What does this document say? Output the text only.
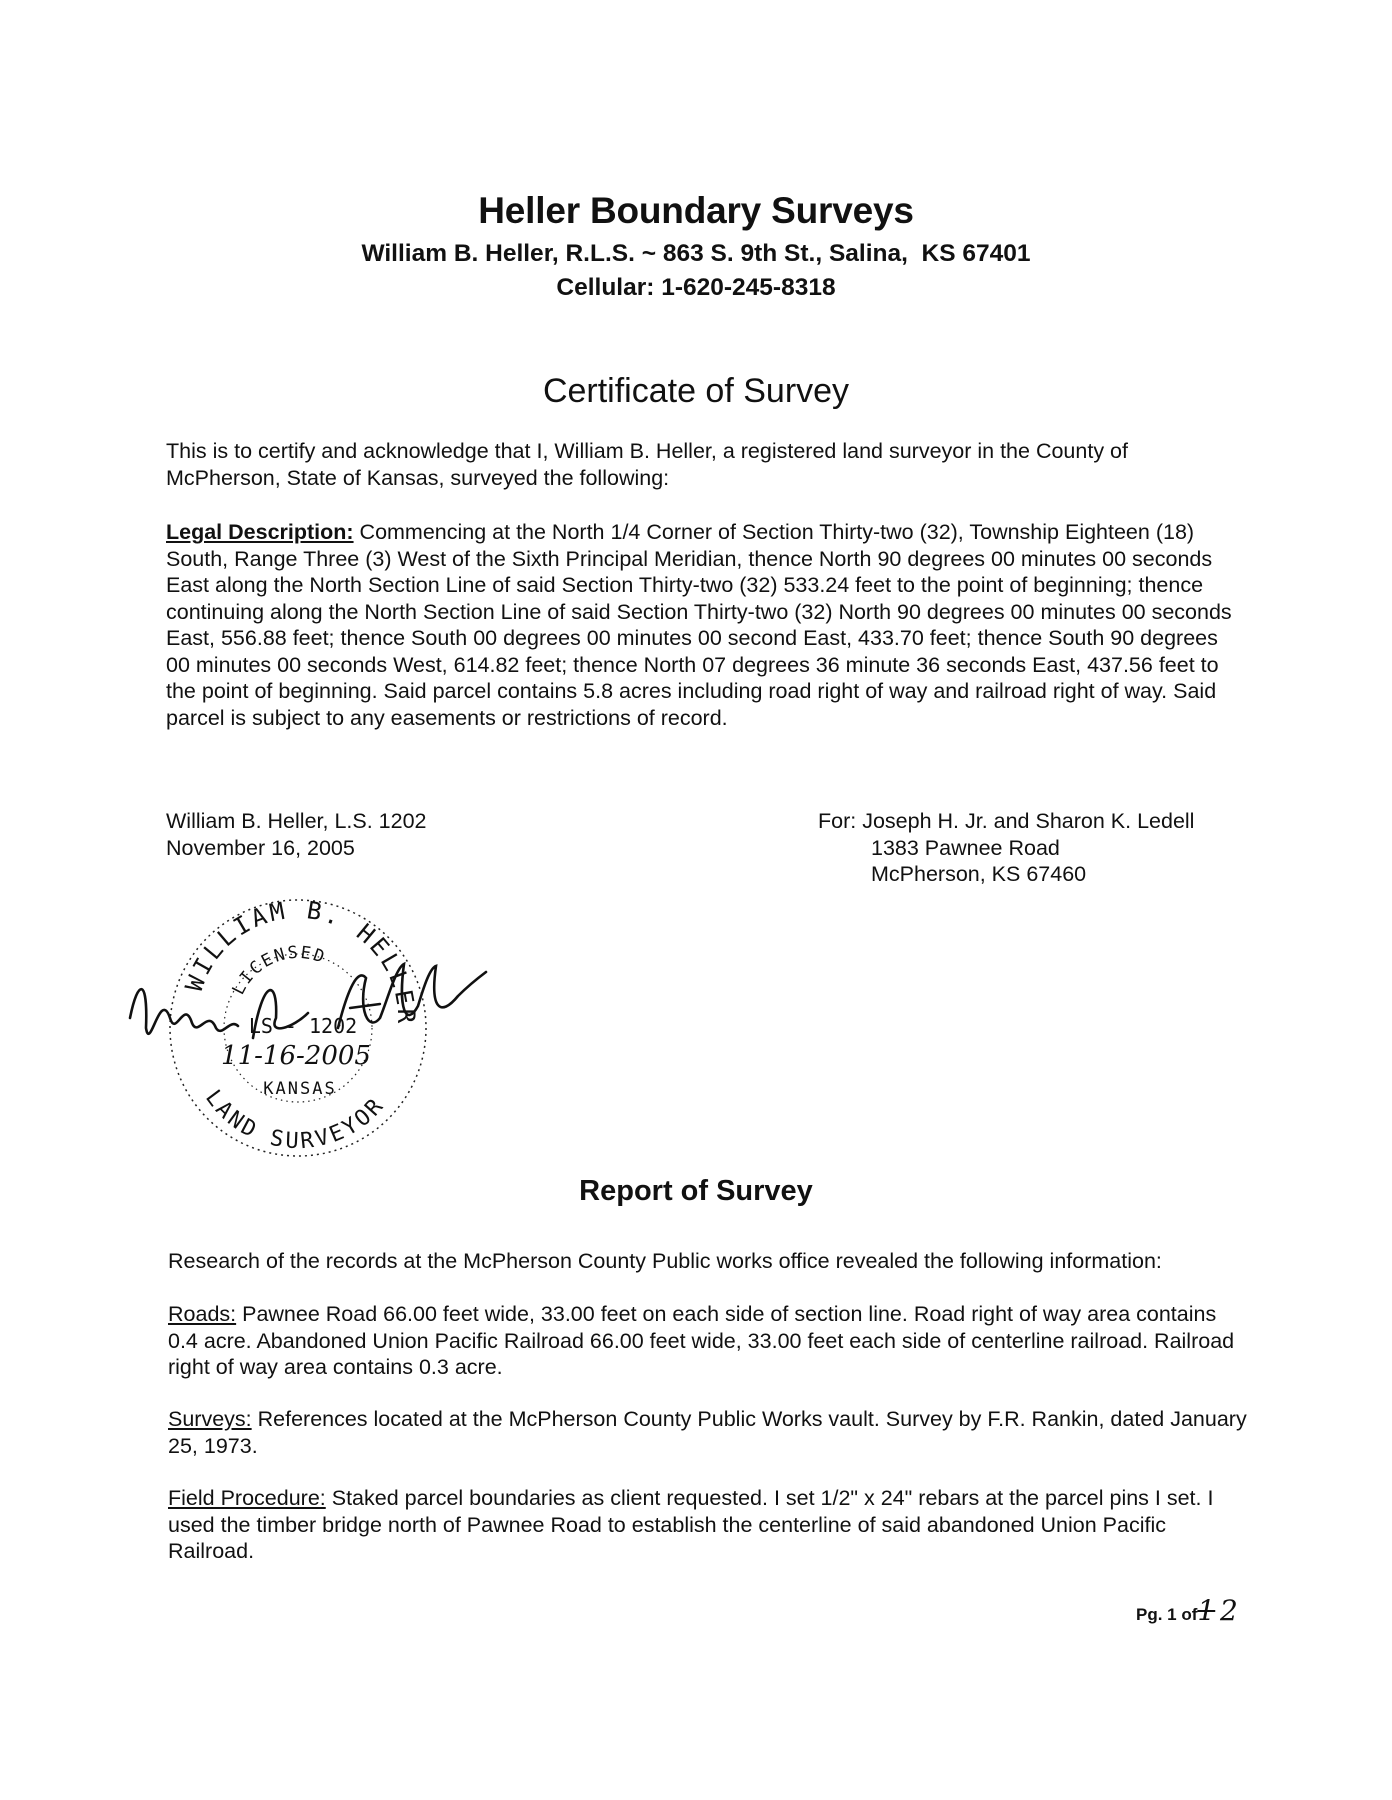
Heller Boundary Surveys
William B. Heller, R.L.S. ~ 863 S. 9th St., Salina,  KS 67401
Cellular: 1-620-245-8318
Certificate of Survey

This is to certify and acknowledge that I, William B. Heller, a registered land surveyor in the County of McPherson, State of Kansas, surveyed the following:

Legal Description: Commencing at the North 1/4 Corner of Section Thirty-two (32), Township Eighteen (18) South, Range Three (3) West of the Sixth Principal Meridian, thence North 90 degrees 00 minutes 00 seconds East along the North Section Line of said Section Thirty-two (32) 533.24 feet to the point of beginning; thence continuing along the North Section Line of said Section Thirty-two (32) North 90 degrees 00 minutes 00 seconds East, 556.88 feet; thence South 00 degrees 00 minutes 00 second East, 433.70 feet; thence South 90 degrees 00 minutes 00 seconds West, 614.82 feet; thence North 07 degrees 36 minute 36 seconds East, 437.56 feet to the point of beginning. Said parcel contains 5.8 acres including road right of way and railroad right of way. Said parcel is subject to any easements or restrictions of record.

William B. Heller, L.S. 1202
November 16, 2005
For: Joseph H. Jr. and Sharon K. Ledell
1383 Pawnee Road
McPherson, KS 67460
WILLIAM B. HELLER
LICENSED
LAND SURVEYOR
LS - 1202
11-16-2005
KANSAS
Report of Survey

Research of the records at the McPherson County Public works office revealed the following information:

Roads: Pawnee Road 66.00 feet wide, 33.00 feet on each side of section line. Road right of way area contains 0.4 acre. Abandoned Union Pacific Railroad 66.00 feet wide, 33.00 feet each side of centerline railroad. Railroad right of way area contains 0.3 acre.

Surveys: References located at the McPherson County Public Works vault. Survey by F.R. Rankin, dated January 25, 1973.

Field Procedure: Staked parcel boundaries as client requested. I set 1/2" x 24" rebars at the parcel pins I set. I used the timber bridge north of Pawnee Road to establish the centerline of said abandoned Union Pacific Railroad.

Pg. 1 of1 2
